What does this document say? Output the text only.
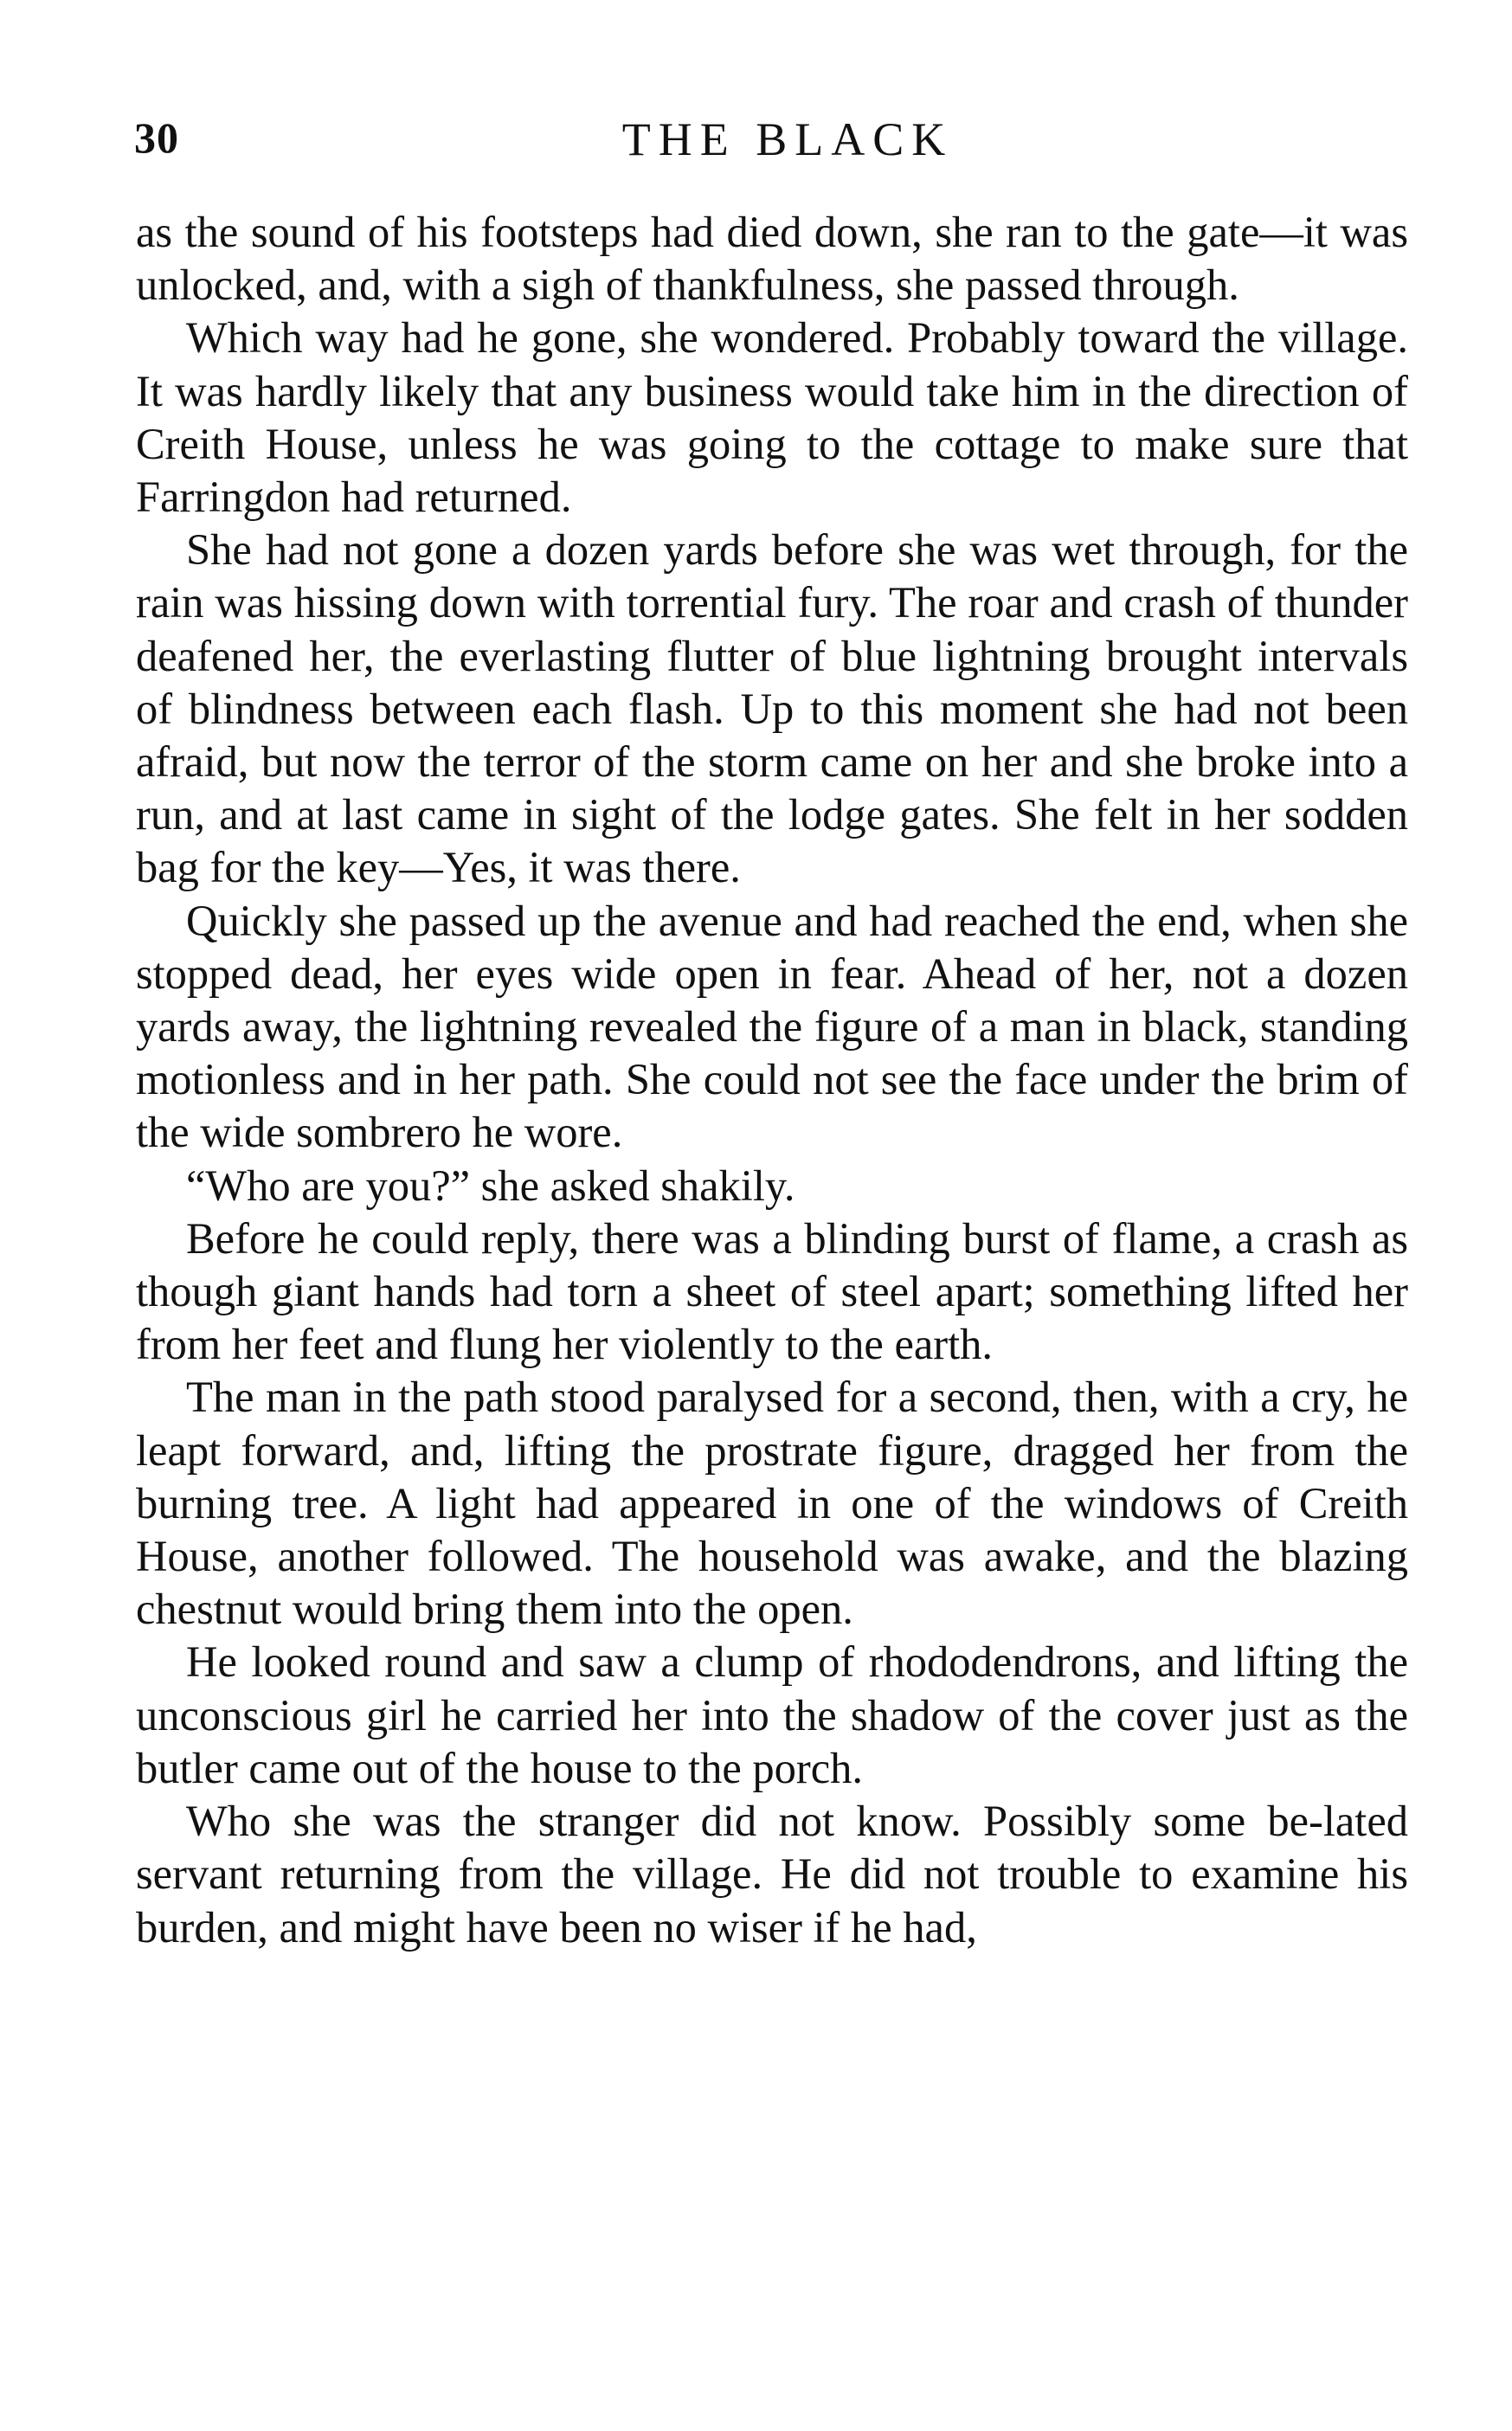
30	THE BLACK

as the sound of his footsteps had died down, she ran to the gate—it was unlocked, and, with a sigh of thankfulness, she passed through.

Which way had he gone, she wondered. Probably toward the village. It was hardly likely that any business would take him in the direction of Creith House, unless he was going to the cottage to make sure that Farringdon had returned.

She had not gone a dozen yards before she was wet through, for the rain was hissing down with torrential fury. The roar and crash of thunder deafened her, the everlasting flutter of blue lightning brought intervals of blindness between each flash. Up to this moment she had not been afraid, but now the terror of the storm came on her and she broke into a run, and at last came in sight of the lodge gates. She felt in her sodden bag for the key—Yes, it was there.

Quickly she passed up the avenue and had reached the end, when she stopped dead, her eyes wide open in fear. Ahead of her, not a dozen yards away, the lightning revealed the figure of a man in black, standing motionless and in her path. She could not see the face under the brim of the wide sombrero he wore.

“Who are you?” she asked shakily.

Before he could reply, there was a blinding burst of flame, a crash as though giant hands had torn a sheet of steel apart; something lifted her from her feet and flung her violently to the earth.

The man in the path stood paralysed for a second, then, with a cry, he leapt forward, and, lifting the prostrate figure, dragged her from the burning tree. A light had appeared in one of the windows of Creith House, another followed. The household was awake, and the blazing chestnut would bring them into the open.

He looked round and saw a clump of rhododendrons, and lifting the unconscious girl he carried her into the shadow of the cover just as the butler came out of the house to the porch.

Who she was the stranger did not know. Possibly some be-lated servant returning from the village. He did not trouble to examine his burden, and might have been no wiser if he had,
